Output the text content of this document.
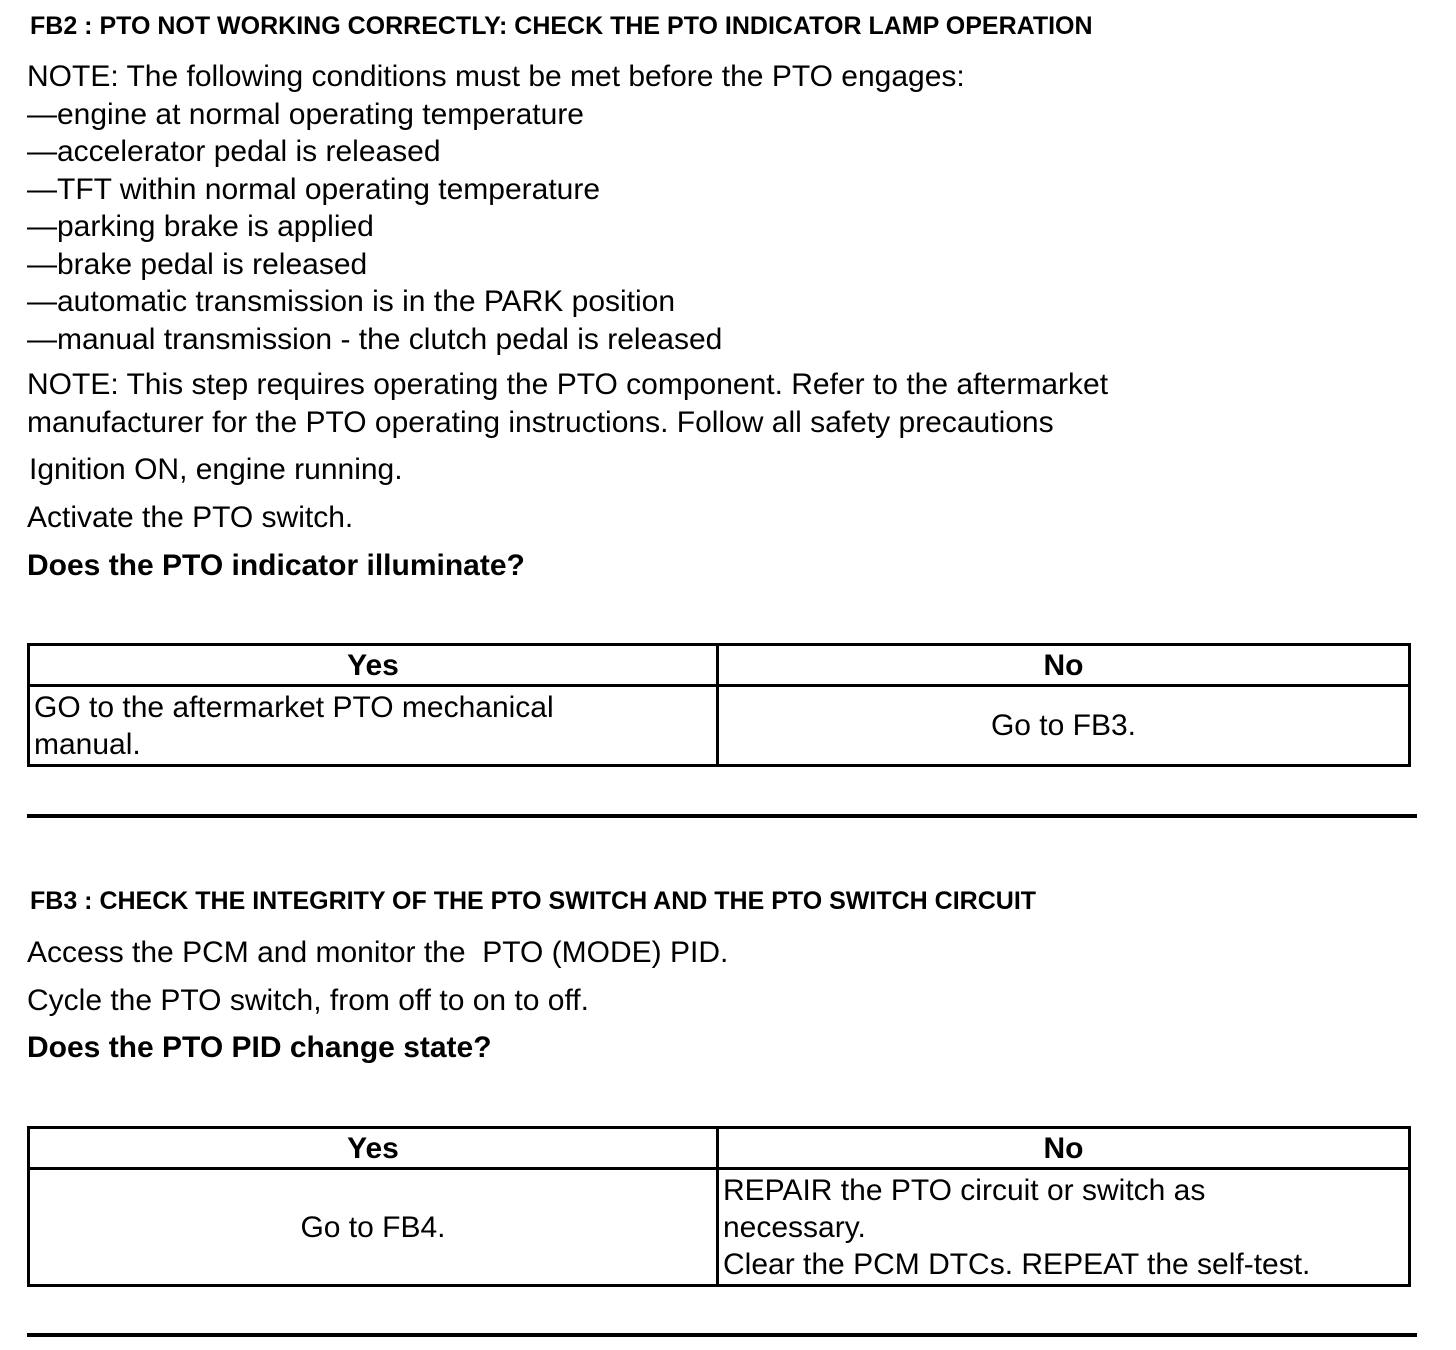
FB2 : PTO NOT WORKING CORRECTLY: CHECK THE PTO INDICATOR LAMP OPERATION
NOTE: The following conditions must be met before the PTO engages:
—engine at normal operating temperature
—accelerator pedal is released
—TFT within normal operating temperature
—parking brake is applied
—brake pedal is released
—automatic transmission is in the PARK position
—manual transmission - the clutch pedal is released
NOTE: This step requires operating the PTO component. Refer to the aftermarket
manufacturer for the PTO operating instructions. Follow all safety precautions
Ignition ON, engine running.
Activate the PTO switch.
Does the PTO indicator illuminate?
Yes	No

GO to the aftermarket PTO mechanical
manual.	Go to FB3.
FB3 : CHECK THE INTEGRITY OF THE PTO SWITCH AND THE PTO SWITCH CIRCUIT
Access the PCM and monitor the  PTO (MODE) PID.
Cycle the PTO switch, from off to on to off.
Does the PTO PID change state?
Yes	No
Go to FB4.	REPAIR the PTO circuit or switch as
necessary.
Clear the PCM DTCs. REPEAT the self-test.
